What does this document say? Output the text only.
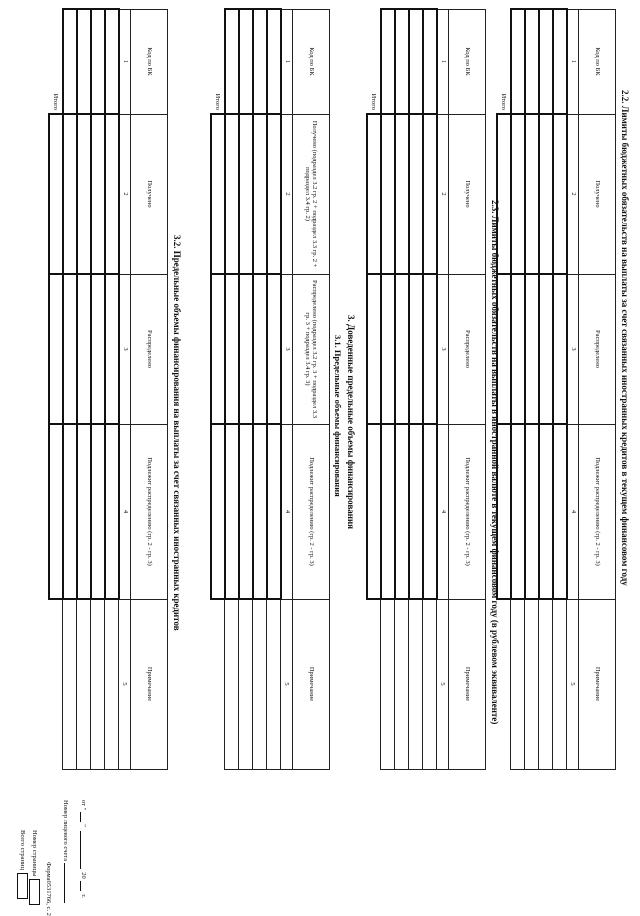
Форма0531766, с. 2
Номер лицевого счета	от ""  20 г.
2.2. Лимиты бюджетных обязательств на выплаты за счет связанных иностранных кредитов в текущем финансовом году
Код по БК	Получено	Распределено	Подлежит распределению (гр. 2 - гр. 3)	Примечание
1	2	3	4	5

Итого				
2.3. Лимиты бюджетных обязательств на выплаты в иностранной валюте в текущем финансовом году (в рублевом эквиваленте)
Код по БК	Получено	Распределено	Подлежит распределению (гр. 2 - гр. 3)	Примечание
1	2	3	4	5

Итого				
3. Доведенные предельные объемы финансирования
3.1. Предельные объемы финансирования
Код по БК	Получено (подраздел 3.2 гр. 2 + подраздел 3.3 гр. 2 + подраздел 3.4 гр. 2)	Распределено (подраздел 3.2 гр. 3 + подраздел 3.3 гр. 3 + подраздел 3.4 гр. 3)	Подлежит распределению (гр. 2 - гр. 3)	Примечание
1	2	3	4	5

Итого				
3.2. Предельные объемы финансирования на выплаты за счет связанных иностранных кредитов
Код по БК	Получено	Распределено	Подлежит распределению (гр. 2 - гр. 3)	Примечание
1	2	3	4	5

Итого				
Номер страницы
Всего страниц
